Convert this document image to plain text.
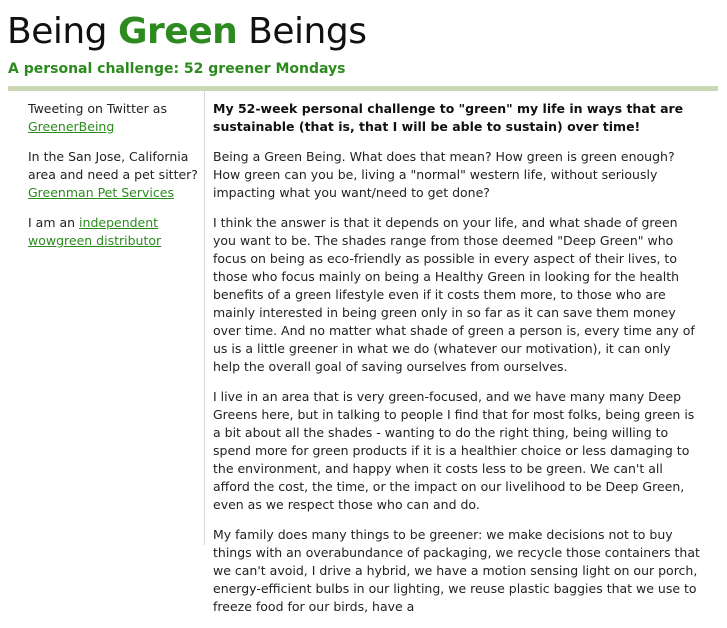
Being Green Beings
A personal challenge: 52 greener Mondays

Tweeting on Twitter as
GreenerBeing

In the San Jose, California area and need a pet sitter?
Greenman Pet Services

I am an independent wowgreen distributor

My 52-week personal challenge to "green" my life in ways that are sustainable (that is, that I will be able to sustain) over time!

Being a Green Being. What does that mean? How green is green enough? How green can you be, living a "normal" western life, without seriously impacting what you want/need to get done?

I think the answer is that it depends on your life, and what shade of green you want to be. The shades range from those deemed "Deep Green" who focus on being as eco-friendly as possible in every aspect of their lives, to those who focus mainly on being a Healthy Green in looking for the health benefits of a green lifestyle even if it costs them more, to those who are mainly interested in being green only in so far as it can save them money over time. And no matter what shade of green a person is, every time any of us is a little greener in what we do (whatever our motivation), it can only help the overall goal of saving ourselves from ourselves.

I live in an area that is very green-focused, and we have many many Deep Greens here, but in talking to people I find that for most folks, being green is a bit about all the shades - wanting to do the right thing, being willing to spend more for green products if it is a healthier choice or less damaging to the environment, and happy when it costs less to be green. We can't all afford the cost, the time, or the impact on our livelihood to be Deep Green, even as we respect those who can and do.

My family does many things to be greener: we make decisions not to buy things with an overabundance of packaging, we recycle those containers that we can't avoid, I drive a hybrid, we have a motion sensing light on our porch, energy-efficient bulbs in our lighting, we reuse plastic baggies that we use to freeze food for our birds, have a
